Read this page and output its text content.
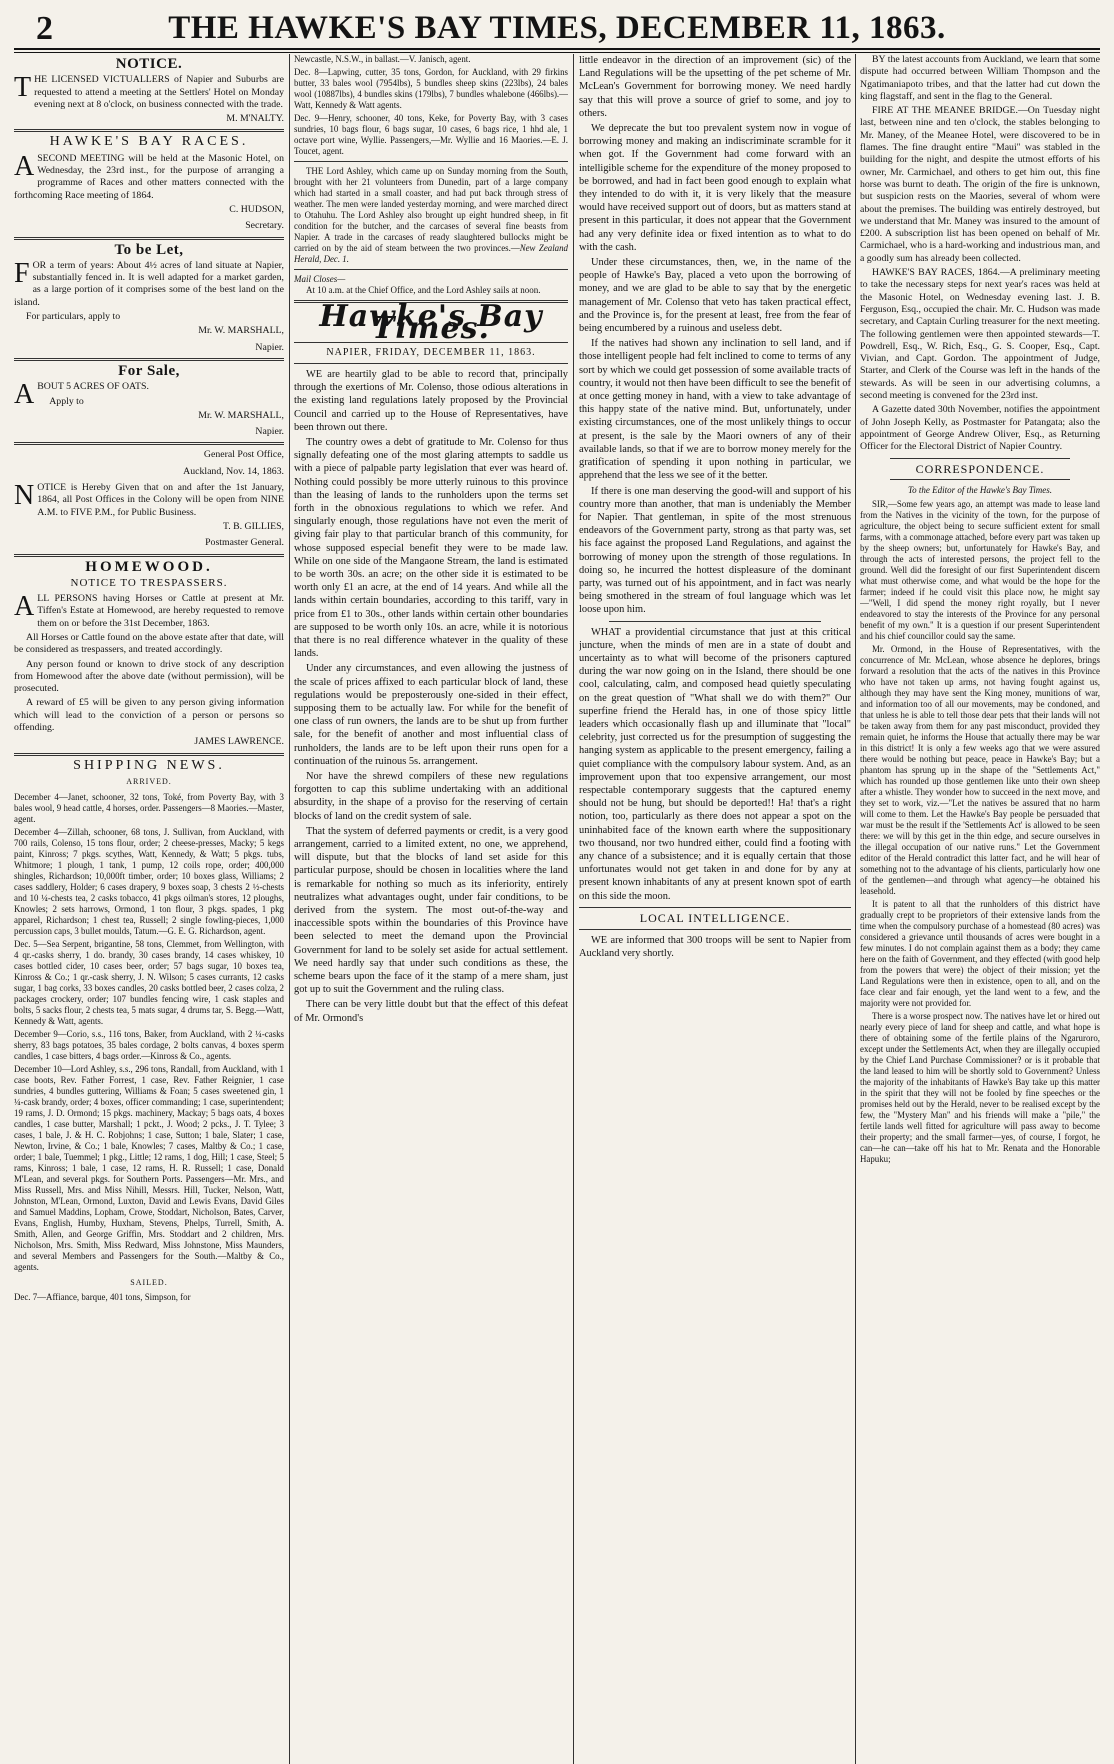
2	THE HAWKE'S BAY TIMES, DECEMBER 11, 1863.
NOTICE.

THE LICENSED VICTUALLERS of Napier and Suburbs are requested to attend a meeting at the Settlers' Hotel on Monday evening next at 8 o'clock, on business connected with the trade.

M. M'NALTY.
HAWKE'S BAY RACES.

ASECOND MEETING will be held at the Masonic Hotel, on Wednesday, the 23rd inst., for the purpose of arranging a programme of Races and other matters connected with the forthcoming Race meeting of 1864.

C. HUDSON,
Secretary.
To be Let,

FOR a term of years: About 4½ acres of land situate at Napier, substantially fenced in. It is well adapted for a market garden, as a large portion of it comprises some of the best land on the island.

For particulars, apply to

Mr. W. MARSHALL,
Napier.
For Sale,

ABOUT 5 ACRES OF OATS.

Apply to

Mr. W. MARSHALL,
Napier.
General Post Office,
Auckland, Nov. 14, 1863.

NOTICE is Hereby Given that on and after the 1st January, 1864, all Post Offices in the Colony will be open from NINE A.M. to FIVE P.M., for Public Business.

T. B. GILLIES,
Postmaster General.
HOMEWOOD.
NOTICE TO TRESPASSERS.

ALL PERSONS having Horses or Cattle at present at Mr. Tiffen's Estate at Homewood, are hereby requested to remove them on or before the 31st December, 1863.

All Horses or Cattle found on the above estate after that date, will be considered as trespassers, and treated accordingly.

Any person found or known to drive stock of any description from Homewood after the above date (without permission), will be prosecuted.

A reward of £5 will be given to any person giving information which will lead to the conviction of a person or persons so offending.

JAMES LAWRENCE.
SHIPPING NEWS.
ARRIVED.

December 4—Janet, schooner, 32 tons, Toké, from Poverty Bay, with 3 bales wool, 9 head cattle, 4 horses, order. Passengers—8 Maories.—Master, agent.

December 4—Zillah, schooner, 68 tons, J. Sullivan, from Auckland, with 700 rails, Colenso, 15 tons flour, order; 2 cheese-presses, Macky; 5 kegs paint, Kinross; 7 pkgs. scythes, Watt, Kennedy, & Watt; 5 pkgs. tubs, Whitmore; 1 plough, 1 tank, 1 pump, 12 coils rope, order; 400,000 shingles, Richardson; 10,000ft timber, order; 10 boxes glass, Williams; 2 cases saddlery, Holder; 6 cases drapery, 9 boxes soap, 3 chests 2 ½-chests and 10 ¼-chests tea, 2 casks tobacco, 41 pkgs oilman's stores, 12 ploughs, Knowles; 2 sets harrows, Ormond, 1 ton flour, 3 pkgs. spades, 1 pkg apparel, Richardson; 1 chest tea, Russell; 2 single fowling-pieces, 1,000 percussion caps, 3 bullet moulds, Tatum.—G. E. G. Richardson, agent.

Dec. 5—Sea Serpent, brigantine, 58 tons, Clemmet, from Wellington, with 4 qr.-casks sherry, 1 do. brandy, 30 cases brandy, 14 cases whiskey, 10 cases bottled cider, 10 cases beer, order; 57 bags sugar, 10 boxes tea, Kinross & Co.; 1 qr.-cask sherry, J. N. Wilson; 5 cases currants, 12 casks sugar, 1 bag corks, 33 boxes candles, 20 casks bottled beer, 2 cases colza, 2 packages crockery, order; 107 bundles fencing wire, 1 cask staples and bolts, 5 sacks flour, 2 chests tea, 5 mats sugar, 4 drums tar, S. Begg.—Watt, Kennedy & Watt, agents.

December 9—Corio, s.s., 116 tons, Baker, from Auckland, with 2 ¼-casks sherry, 83 bags potatoes, 35 bales cordage, 2 bolts canvas, 4 boxes sperm candles, 1 case bitters, 4 bags order.—Kinross & Co., agents.

December 10—Lord Ashley, s.s., 296 tons, Randall, from Auckland, with 1 case boots, Rev. Father Forrest, 1 case, Rev. Father Reignier, 1 case sundries, 4 bundles guttering, Williams & Foan; 5 cases sweetened gin, 1 ¼-cask brandy, order; 4 boxes, officer commanding; 1 case, superintendent; 19 rams, J. D. Ormond; 15 pkgs. machinery, Mackay; 5 bags oats, 4 boxes candles, 1 case butter, Marshall; 1 pckt., J. Wood; 2 pcks., J. T. Tylee; 3 cases, 1 bale, J. & H. C. Robjohns; 1 case, Sutton; 1 bale, Slater; 1 case, Newton, Irvine, & Co.; 1 bale, Knowles; 7 cases, Maltby & Co.; 1 case, order; 1 bale, Tuemmel; 1 pkg., Little; 12 rams, 1 dog, Hill; 1 case, Steel; 5 rams, Kinross; 1 bale, 1 case, 12 rams, H. R. Russell; 1 case, Donald M'Lean, and several pkgs. for Southern Ports. Passengers—Mr. Mrs., and Miss Russell, Mrs. and Miss Nihill, Messrs. Hill, Tucker, Nelson, Watt, Johnston, M'Lean, Ormond, Luxton, David and Lewis Evans, David Giles and Samuel Maddins, Lopham, Crowe, Stoddart, Nicholson, Bates, Carver, Evans, English, Humby, Huxham, Stevens, Phelps, Turrell, Smith, A. Smith, Allen, and George Griffin, Mrs. Stoddart and 2 children, Mrs. Nicholson, Mrs. Smith, Miss Redward, Miss Johnstone, Miss Maunders, and several Members and Passengers for the South.—Maltby & Co., agents.

SAILED.

Dec. 7—Affiance, barque, 401 tons, Simpson, for

Newcastle, N.S.W., in ballast.—V. Janisch, agent.

Dec. 8—Lapwing, cutter, 35 tons, Gordon, for Auckland, with 29 firkins butter, 33 bales wool (7954lbs), 5 bundles sheep skins (223lbs), 24 bales wool (10887lbs), 4 bundles skins (179lbs), 7 bundles whalebone (466lbs).—Watt, Kennedy & Watt agents.

Dec. 9—Henry, schooner, 40 tons, Keke, for Poverty Bay, with 3 cases sundries, 10 bags flour, 6 bags sugar, 10 cases, 6 bags rice, 1 hhd ale, 1 octave port wine, Wyllie. Passengers,—Mr. Wyllie and 16 Maories.—E. J. Toucet, agent.

THE Lord Ashley, which came up on Sunday morning from the South, brought with her 21 volunteers from Dunedin, part of a large company which had started in a small coaster, and had put back through stress of weather. The men were landed yesterday morning, and were marched direct to Otahuhu. The Lord Ashley also brought up eight hundred sheep, in fit condition for the butcher, and the carcases of several fine beasts from Napier. A trade in the carcases of ready slaughtered bullocks might be carried on by the aid of steam between the two provinces.—New Zealand Herald, Dec. 1.

Mail Closes—
At 10 a.m. at the Chief Office, and the Lord Ashley sails at noon.
Hawke's Bay Times.
NAPIER, FRIDAY, DECEMBER 11, 1863.

WE are heartily glad to be able to record that, principally through the exertions of Mr. Colenso, those odious alterations in the existing land regulations lately proposed by the Provincial Council and carried up to the House of Representatives, have been thrown out there.

The country owes a debt of gratitude to Mr. Colenso for thus signally defeating one of the most glaring attempts to saddle us with a piece of palpable party legislation that ever was heard of. Nothing could possibly be more utterly ruinous to this province than the leasing of lands to the runholders upon the terms set forth in the obnoxious regulations to which we refer. And singularly enough, those regulations have not even the merit of giving fair play to that particular branch of this community, for whose supposed especial benefit they were to be made law. While on one side of the Mangaone Stream, the land is estimated to be worth 30s. an acre; on the other side it is estimated to be worth only £1 an acre, at the end of 14 years. And while all the lands within certain boundaries, according to this tariff, vary in price from £1 to 30s., other lands within certain other boundaries are supposed to be worth only 10s. an acre, while it is notorious that there is no real difference whatever in the quality of these lands.

Under any circumstances, and even allowing the justness of the scale of prices affixed to each particular block of land, these regulations would be preposterously one-sided in their effect, supposing them to be actually law. For while for the benefit of one class of run owners, the lands are to be shut up from further sale, for the benefit of another and most influential class of runholders, the lands are to be left upon their runs open for a continuation of the ruinous 5s. arrangement.

Nor have the shrewd compilers of these new regulations forgotten to cap this sublime undertaking with an additional absurdity, in the shape of a proviso for the reserving of certain blocks of land on the credit system of sale.

That the system of deferred payments or credit, is a very good arrangement, carried to a limited extent, no one, we apprehend, will dispute, but that the blocks of land set aside for this particular purpose, should be chosen in localities where the land is remarkable for nothing so much as its inferiority, entirely neutralizes what advantages ought, under fair conditions, to be derived from the system. The most out-of-the-way and inaccessible spots within the boundaries of this Province have been selected to meet the demand upon the Provincial Government for land to be solely set aside for actual settlement. We need hardly say that under such conditions as these, the scheme bears upon the face of it the stamp of a mere sham, just got up to suit the Government and the ruling class.

There can be very little doubt but that the effect of this defeat of Mr. Ormond's

little endeavor in the direction of an improvement (sic) of the Land Regulations will be the upsetting of the pet scheme of Mr. McLean's Government for borrowing money. We need hardly say that this will prove a source of grief to some, and joy to others.

We deprecate the but too prevalent system now in vogue of borrowing money and making an indiscriminate scramble for it when got. If the Government had come forward with an intelligible scheme for the expenditure of the money proposed to be borrowed, and had in fact been good enough to explain what they intended to do with it, it is very likely that the measure would have received support out of doors, but as matters stand at present in this particular, it does not appear that the Government had any very definite idea or fixed intention as to what to do with the cash.

Under these circumstances, then, we, in the name of the people of Hawke's Bay, placed a veto upon the borrowing of money, and we are glad to be able to say that by the energetic management of Mr. Colenso that veto has taken practical effect, and the Province is, for the present at least, free from the fear of being encumbered by a ruinous and useless debt.

If the natives had shown any inclination to sell land, and if those intelligent people had felt inclined to come to terms of any sort by which we could get possession of some available tracts of country, it would not then have been difficult to see the benefit of at once getting money in hand, with a view to take advantage of this happy state of the native mind. But, unfortunately, under existing circumstances, one of the most unlikely things to occur at present, is the sale by the Maori owners of any of their available lands, so that if we are to borrow money merely for the gratification of spending it upon nothing in particular, we apprehend that the less we see of it the better.

If there is one man deserving the good-will and support of his country more than another, that man is undeniably the Member for Napier. That gentleman, in spite of the most strenuous endeavors of the Government party, strong as that party was, set his face against the proposed Land Regulations, and against the borrowing of money upon the strength of those regulations. In doing so, he incurred the hottest displeasure of the dominant party, was turned out of his appointment, and in fact was nearly being smothered in the stream of foul language which was let loose upon him.

WHAT a providential circumstance that just at this critical juncture, when the minds of men are in a state of doubt and uncertainty as to what will become of the prisoners captured during the war now going on in the Island, there should be one cool, calculating, calm, and composed head quietly speculating on the great question of "What shall we do with them?" Our superfine friend the Herald has, in one of those spicy little leaders which occasionally flash up and illuminate that "local" celebrity, just corrected us for the presumption of suggesting the hanging system as applicable to the present emergency, failing a quiet compliance with the compulsory labour system. And, as an improvement upon that too expensive arrangement, our most respectable contemporary suggests that the captured enemy should not be hung, but should be deported!! Ha! that's a right notion, too, particularly as there does not appear a spot on the uninhabited face of the known earth where the suppositionary two thousand, nor two hundred either, could find a footing with any chance of a subsistence; and it is equally certain that those unfortunates would not get taken in and done for by any at present known inhabitants of any at present known spot of earth on this side the moon.

LOCAL INTELLIGENCE.

WE are informed that 300 troops will be sent to Napier from Auckland very shortly.

BY the latest accounts from Auckland, we learn that some dispute had occurred between William Thompson and the Ngatimaniapoto tribes, and that the latter had cut down the king flagstaff, and sent in the flag to the General.

FIRE AT THE MEANEE BRIDGE.—On Tuesday night last, between nine and ten o'clock, the stables belonging to Mr. Maney, of the Meanee Hotel, were discovered to be in flames. The fine draught entire "Maui" was stabled in the building for the night, and despite the utmost efforts of his owner, Mr. Carmichael, and others to get him out, this fine horse was burnt to death. The origin of the fire is unknown, but suspicion rests on the Maories, several of whom were about the premises. The building was entirely destroyed, but we understand that Mr. Maney was insured to the amount of £200. A subscription list has been opened on behalf of Mr. Carmichael, who is a hard-working and industrious man, and a goodly sum has already been collected.

HAWKE'S BAY RACES, 1864.—A preliminary meeting to take the necessary steps for next year's races was held at the Masonic Hotel, on Wednesday evening last. J. B. Ferguson, Esq., occupied the chair. Mr. C. Hudson was made secretary, and Captain Curling treasurer for the next meeting. The following gentlemen were then appointed stewards—T. Powdrell, Esq., W. Rich, Esq., G. S. Cooper, Esq., Capt. Vivian, and Capt. Gordon. The appointment of Judge, Starter, and Clerk of the Course was left in the hands of the stewards. As will be seen in our advertising columns, a second meeting is convened for the 23rd inst.

A Gazette dated 30th November, notifies the appointment of John Joseph Kelly, as Postmaster for Patangata; also the appointment of George Andrew Oliver, Esq., as Returning Officer for the Electoral District of Napier Country.

CORRESPONDENCE.
To the Editor of the Hawke's Bay Times.

SIR,—Some few years ago, an attempt was made to lease land from the Natives in the vicinity of the town, for the purpose of agriculture, the object being to secure sufficient extent for small farms, with a commonage attached, before every part was taken up by the sheep owners; but, unfortunately for Hawke's Bay, and through the acts of interested persons, the project fell to the ground. Well did the foresight of our first Superintendent discern what must otherwise come, and what would be the hope for the farmer; indeed if he could visit this place now, he might say—"Well, I did spend the money right royally, but I never endeavored to stay the interests of the Province for any personal benefit of my own." It is a question if our present Superintendent and his chief councillor could say the same.

Mr. Ormond, in the House of Representatives, with the concurrence of Mr. McLean, whose absence he deplores, brings forward a resolution that the acts of the natives in this Province who have not taken up arms, not having fought against us, although they may have sent the King money, munitions of war, and information too of all our movements, may be condoned, and that unless he is able to tell those dear pets that their lands will not be taken away from them for any past misconduct, provided they remain quiet, he informs the House that actually there may be war in this district! It is only a few weeks ago that we were assured there would be nothing but peace, peace in Hawke's Bay; but a phantom has sprung up in the shape of the "Settlements Act," which has rounded up those gentlemen like unto their own sheep after a whistle. They wonder how to succeed in the next move, and they set to work, viz.—"Let the natives be assured that no harm will come to them. Let the Hawke's Bay people be persuaded that war must be the result if the 'Settlements Act' is allowed to be seen there: we will by this get in the thin edge, and secure ourselves in the illegal occupation of our native runs." Let the Government editor of the Herald contradict this latter fact, and he will hear of something not to the advantage of his clients, particularly how one of the gentlemen—and through what agency—he obtained his leasehold.

It is patent to all that the runholders of this district have gradually crept to be proprietors of their extensive lands from the time when the compulsory purchase of a homestead (80 acres) was considered a grievance until thousands of acres were bought in a few minutes. I do not complain against them as a body; they came here on the faith of Government, and they effected (with good help from the powers that were) the object of their mission; yet the Land Regulations were then in existence, open to all, and on the face clear and fair enough, yet the land went to a few, and the majority were not provided for.

There is a worse prospect now. The natives have let or hired out nearly every piece of land for sheep and cattle, and what hope is there of obtaining some of the fertile plains of the Ngaruroro, except under the Settlements Act, when they are illegally occupied by the Chief Land Purchase Commissioner? or is it probable that the land leased to him will be shortly sold to Government? Unless the majority of the inhabitants of Hawke's Bay take up this matter in the spirit that they will not be fooled by fine speeches or the promises held out by the Herald, never to be realised except by the few, the "Mystery Man" and his friends will make a "pile," the fertile lands well fitted for agriculture will pass away to become their property; and the small farmer—yes, of course, I forgot, he can—he can—take off his hat to Mr. Renata and the Honorable Hapuku;
